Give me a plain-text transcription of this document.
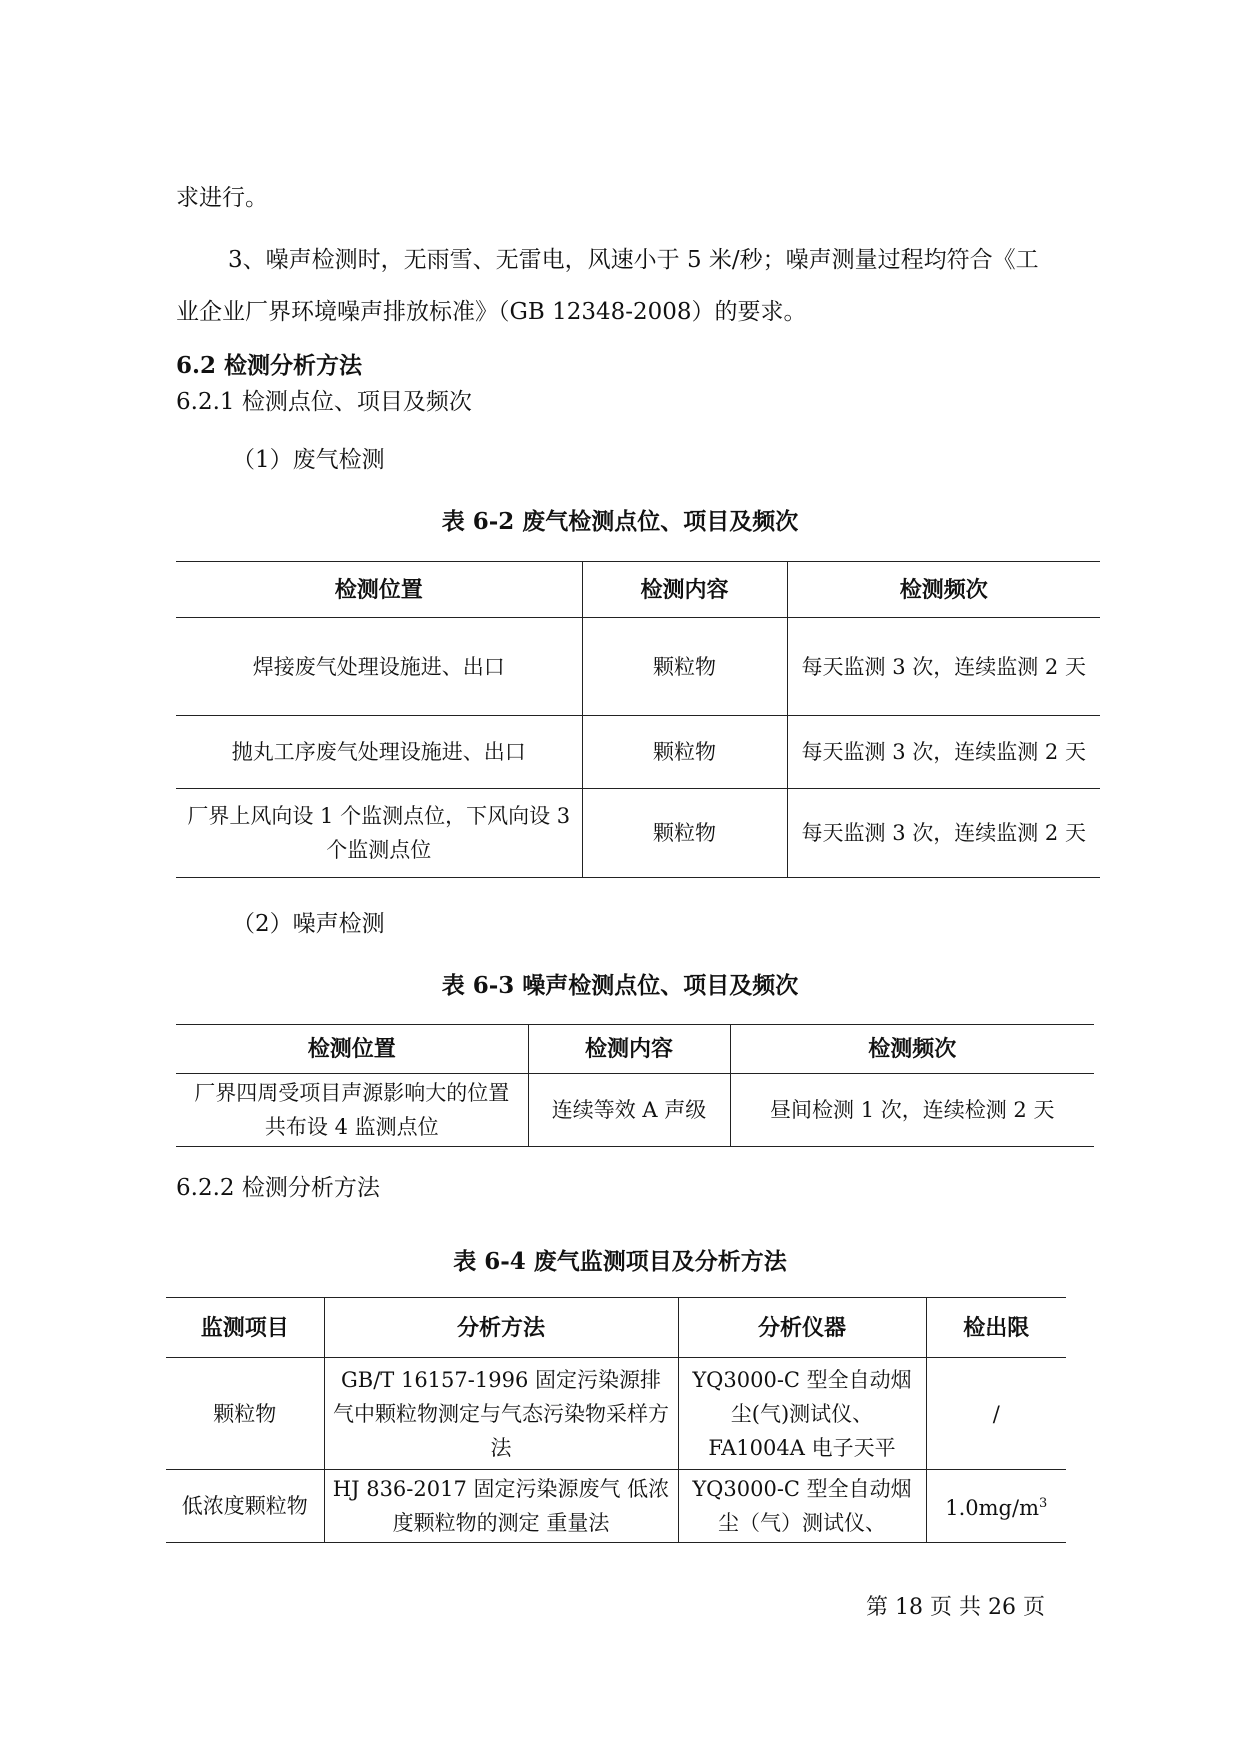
求进行。
3、噪声检测时，无雨雪、无雷电，风速小于 5 米/秒；噪声测量过程均符合《工
业企业厂界环境噪声排放标准》（GB 12348-2008）的要求。
6.2 检测分析方法
6.2.1 检测点位、项目及频次
（1）废气检测
表 6-2 废气检测点位、项目及频次
检测位置	检测内容	检测频次
焊接废气处理设施进、出口	颗粒物	每天监测 3 次，连续监测 2 天
抛丸工序废气处理设施进、出口	颗粒物	每天监测 3 次，连续监测 2 天
厂界上风向设 1 个监测点位，下风向设 3 个监测点位	颗粒物	每天监测 3 次，连续监测 2 天
（2）噪声检测
表 6-3 噪声检测点位、项目及频次
检测位置	检测内容	检测频次
厂界四周受项目声源影响大的位置共布设 4 监测点位	连续等效 A 声级	昼间检测 1 次，连续检测 2 天
6.2.2 检测分析方法
表 6-4 废气监测项目及分析方法
监测项目	分析方法	分析仪器	检出限
颗粒物	GB/T 16157-1996 固定污染源排气中颗粒物测定与气态污染物采样方法	YQ3000-C 型全自动烟尘(气)测试仪、FA1004A 电子天平	/
低浓度颗粒物	HJ 836-2017 固定污染源废气 低浓度颗粒物的测定 重量法	YQ3000-C 型全自动烟尘（气）测试仪、	$1.0mg/m^3$
第 18 页 共 26 页
